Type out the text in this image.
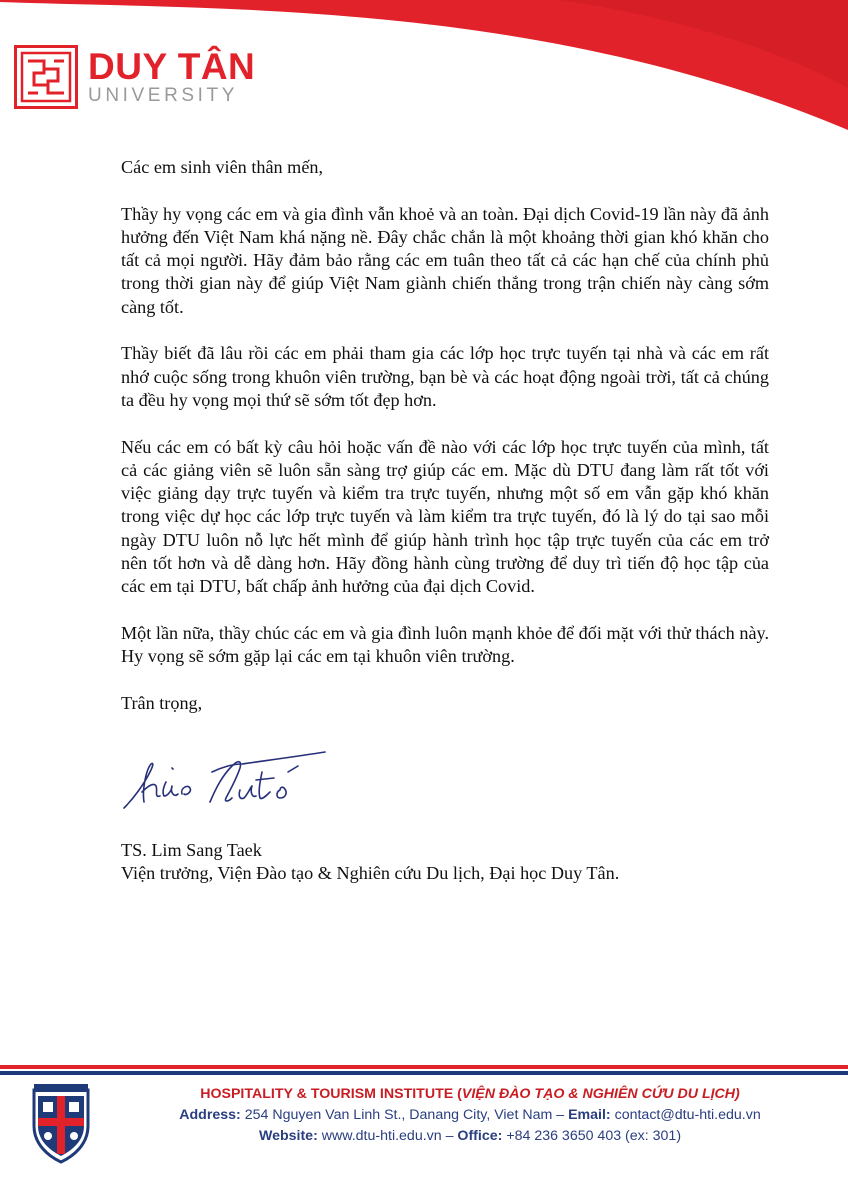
DUY TÂN
UNIVERSITY

Các em sinh viên thân mến,

Thầy hy vọng các em và gia đình vẫn khoẻ và an toàn. Đại dịch Covid-19 lần này đã ảnh hưởng đến Việt Nam khá nặng nề. Đây chắc chắn là một khoảng thời gian khó khăn cho tất cả mọi người. Hãy đảm bảo rằng các em tuân theo tất cả các hạn chế của chính phủ trong thời gian này để giúp Việt Nam giành chiến thắng trong trận chiến này càng sớm càng tốt.

Thầy biết đã lâu rồi các em phải tham gia các lớp học trực tuyến tại nhà và các em rất nhớ cuộc sống trong khuôn viên trường, bạn bè và các hoạt động ngoài trời, tất cả chúng ta đều hy vọng mọi thứ sẽ sớm tốt đẹp hơn.

Nếu các em có bất kỳ câu hỏi hoặc vấn đề nào với các lớp học trực tuyến của mình, tất cả các giảng viên sẽ luôn sẵn sàng trợ giúp các em. Mặc dù DTU đang làm rất tốt với việc giảng dạy trực tuyến và kiểm tra trực tuyến, nhưng một số em vẫn gặp khó khăn trong việc dự học các lớp trực tuyến và làm kiểm tra trực tuyến, đó là lý do tại sao mỗi ngày DTU luôn nỗ lực hết mình để giúp hành trình học tập trực tuyến của các em trở nên tốt hơn và dễ dàng hơn. Hãy đồng hành cùng trường để duy trì tiến độ học tập của các em tại DTU, bất chấp ảnh hưởng của đại dịch Covid.

Một lần nữa, thầy chúc các em và gia đình luôn mạnh khỏe để đối mặt với thử thách này. Hy vọng sẽ sớm gặp lại các em tại khuôn viên trường.

Trân trọng,

TS. Lim Sang Taek
Viện trưởng, Viện Đào tạo & Nghiên cứu Du lịch, Đại học Duy Tân.
HOSPITALITY & TOURISM INSTITUTE (VIỆN ĐÀO TẠO & NGHIÊN CỨU DU LỊCH)
Address: 254 Nguyen Van Linh St., Danang City, Viet Nam – Email: contact@dtu-hti.edu.vn
Website: www.dtu-hti.edu.vn – Office: +84 236 3650 403 (ex: 301)
